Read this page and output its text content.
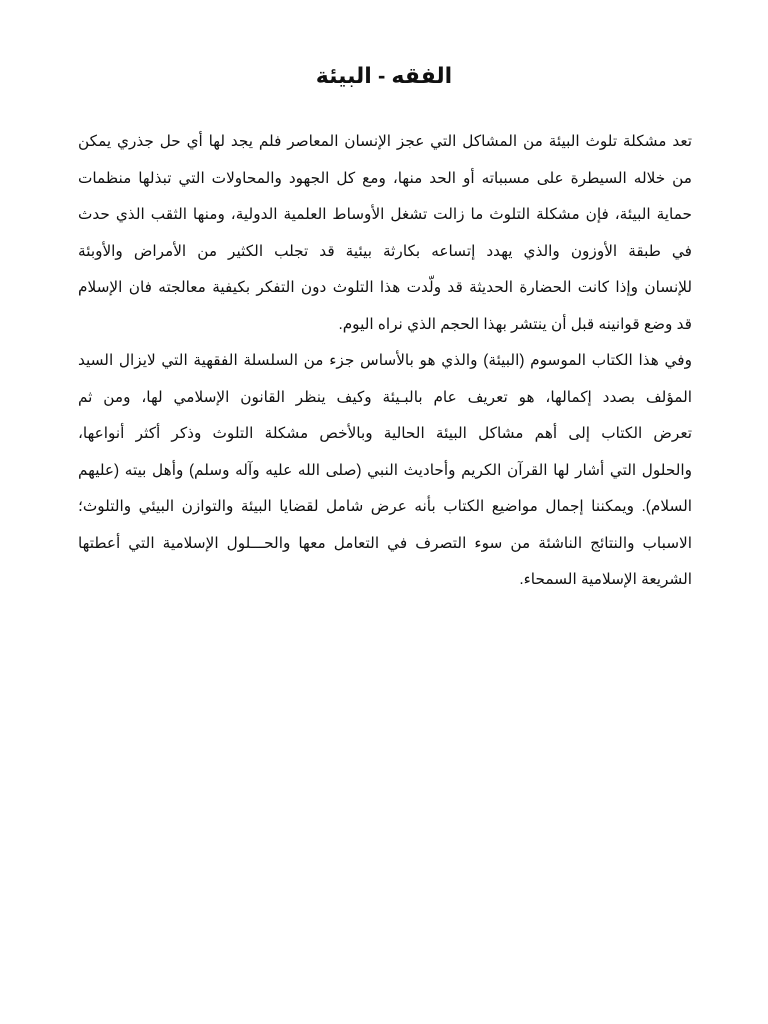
الفقه - البيئة
تعد مشكلة تلوث البيئة من المشاكل التي عجز الإنسان المعاصر فلم يجد لها أي حل جذري يمكن
من خلاله السيطرة على مسبباته أو الحد منها، ومع كل الجهود والمحاولات التي تبذلها منظمات
حماية البيئة، فإن مشكلة التلوث ما زالت تشغل الأوساط العلمية الدولية، ومنها الثقب الذي حدث
في طبقة الأوزون والذي يهدد إتساعه بكارثة بيئية قد تجلب الكثير من الأمراض والأوبئة
للإنسان وإذا كانت الحضارة الحديثة قد ولّدت هذا التلوث دون التفكر بكيفية معالجته فان الإسلام
قد وضع قوانينه قبل أن ينتشر بهذا الحجم الذي نراه اليوم.
وفي هذا الكتاب الموسوم (البيئة) والذي هو بالأساس جزء من السلسلة الفقهية التي لايزال السيد
المؤلف بصدد إكمالها، هو تعريف عام بالبـيئة وكيف ينظر القانون الإسلامي لها، ومن ثم
تعرض الكتاب إلى أهم مشاكل البيئة الحالية وبالأخص مشكلة التلوث وذكر أكثر أنواعها،
والحلول التي أشار لها القرآن الكريم وأحاديث النبي (صلى الله عليه وآله وسلم) وأهل بيته (عليهم
السلام). ويمكننا إجمال مواضيع الكتاب بأنه عرض شامل لقضايا البيئة والتوازن البيئي والتلوث؛
الاسباب والنتائج الناشئة من سوء التصرف في التعامل معها والحـــلول الإسلامية التي أعطتها
الشريعة الإسلامية السمحاء.
